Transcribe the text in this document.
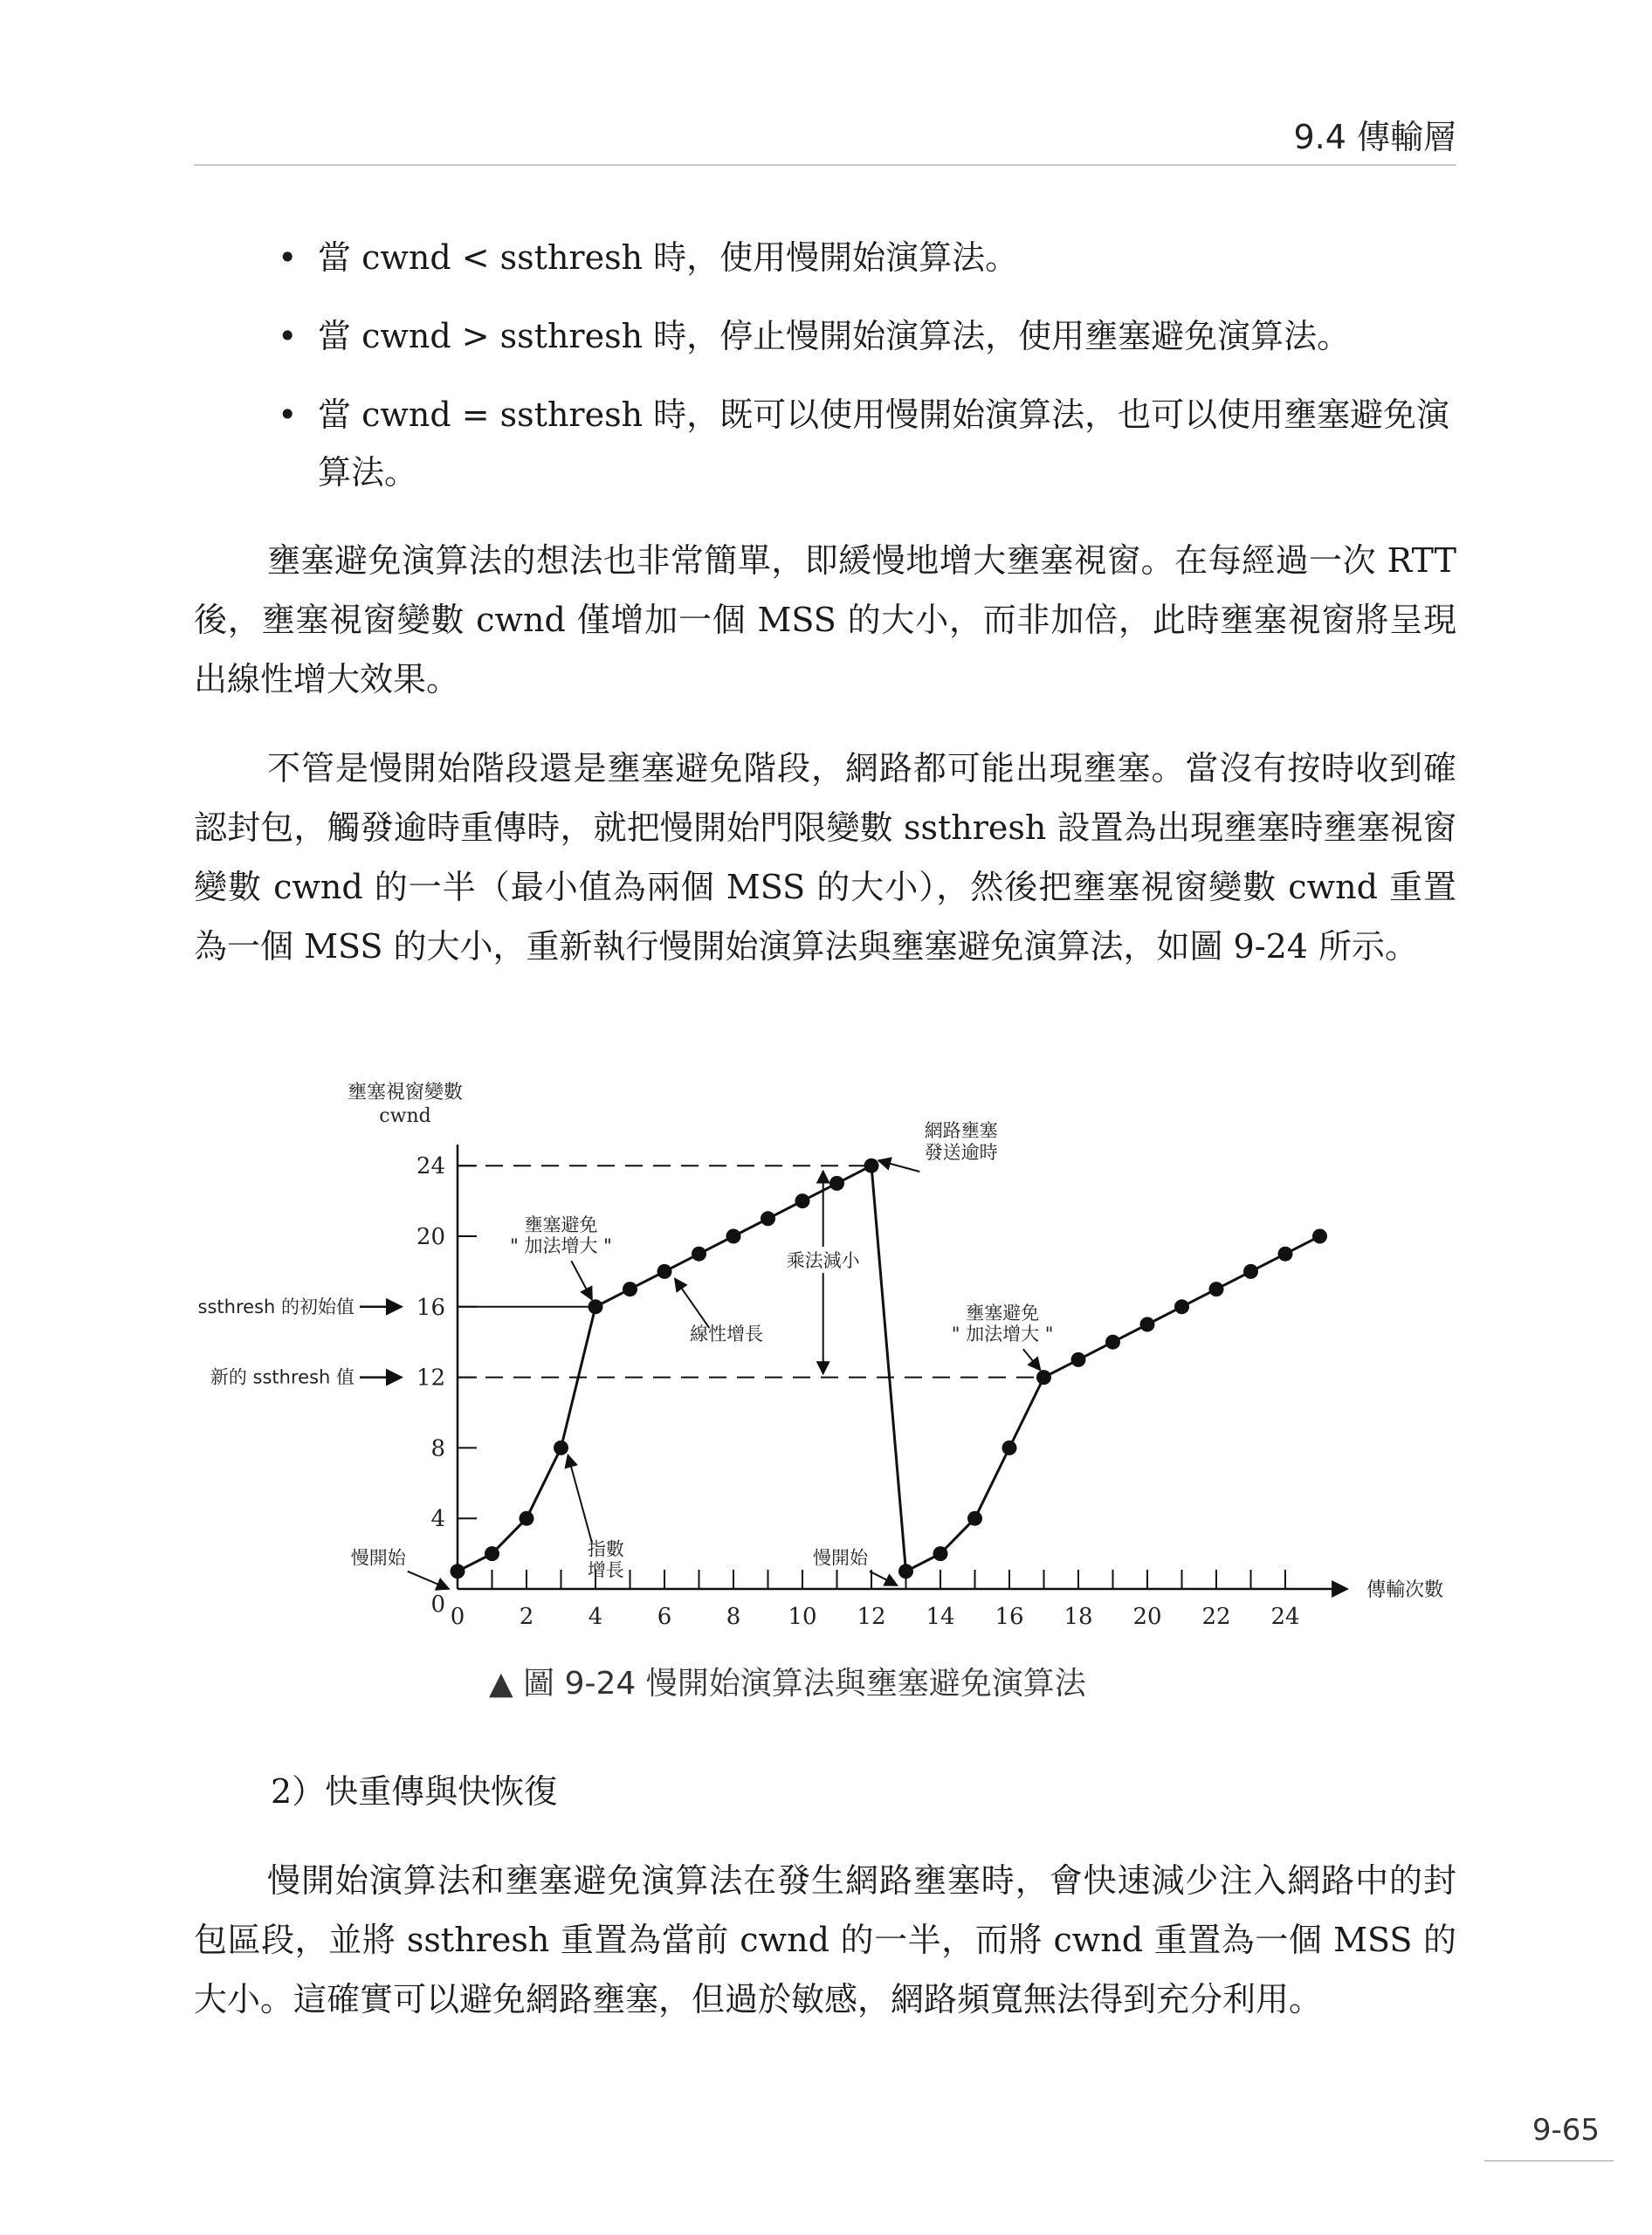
9.4 傳輸層
• 當 cwnd < ssthresh 時，使用慢開始演算法。
• 當 cwnd > ssthresh 時，停止慢開始演算法，使用壅塞避免演算法。
• 當 cwnd = ssthresh 時，既可以使用慢開始演算法，也可以使用壅塞避免演算法。

壅塞避免演算法的想法也非常簡單，即緩慢地增大壅塞視窗。在每經過一次 RTT 後，壅塞視窗變數 cwnd 僅增加一個 MSS 的大小，而非加倍，此時壅塞視窗將呈現出線性增大效果。

不管是慢開始階段還是壅塞避免階段，網路都可能出現壅塞。當沒有按時收到確認封包，觸發逾時重傳時，就把慢開始門限變數 ssthresh 設置為出現壅塞時壅塞視窗變數 cwnd 的一半（最小值為兩個 MSS 的大小），然後把壅塞視窗變數 cwnd 重置為一個 MSS 的大小，重新執行慢開始演算法與壅塞避免演算法，如圖 9-24 所示。

壅塞視窗變數
cwnd
傳輸次數
0 2 4 6 8 10 12 14 16 18 20 22 24
4
8
12
16
20
24
0
ssthresh 的初始值
新的 ssthresh 值
網路壅塞
發送逾時
乘法減小
壅塞避免
" 加法增大 "
線性增長
壅塞避免
" 加法增大 "
指數
增長
慢開始	慢開始
▲ 圖 9-24 慢開始演算法與壅塞避免演算法
2）快重傳與快恢復

慢開始演算法和壅塞避免演算法在發生網路壅塞時，會快速減少注入網路中的封包區段，並將 ssthresh 重置為當前 cwnd 的一半，而將 cwnd 重置為一個 MSS 的大小。這確實可以避免網路壅塞，但過於敏感，網路頻寬無法得到充分利用。

9-65
